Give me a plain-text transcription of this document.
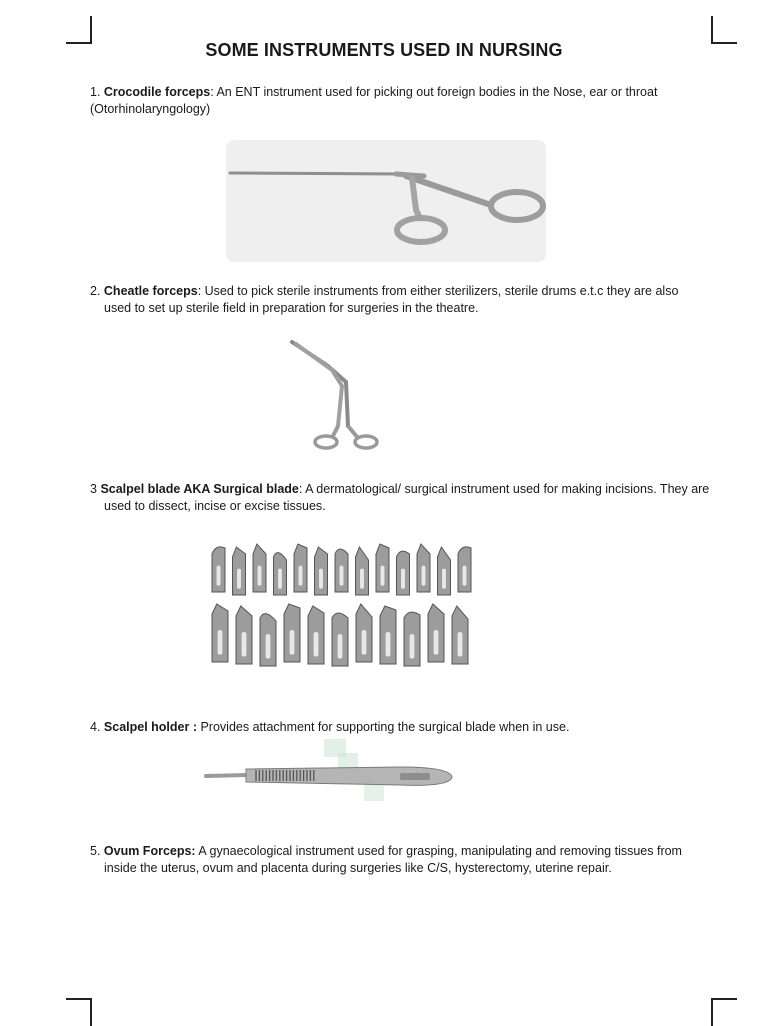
SOME INSTRUMENTS USED IN NURSING
1. Crocodile forceps: An ENT instrument used for picking out foreign bodies in the Nose, ear or throat (Otorhinolaryngology)
2. Cheatle forceps: Used to pick sterile instruments from either sterilizers, sterile drums e.t.c they are also
used to set up sterile field in preparation for surgeries in the theatre.
3 Scalpel blade AKA Surgical blade: A dermatological/ surgical instrument used for making incisions. They are
used to dissect, incise or excise tissues.
4. Scalpel holder : Provides attachment for supporting the surgical blade when in use.
5. Ovum Forceps: A gynaecological instrument used for grasping, manipulating and removing tissues from
inside the uterus, ovum and placenta during surgeries like C/S, hysterectomy, uterine repair.
